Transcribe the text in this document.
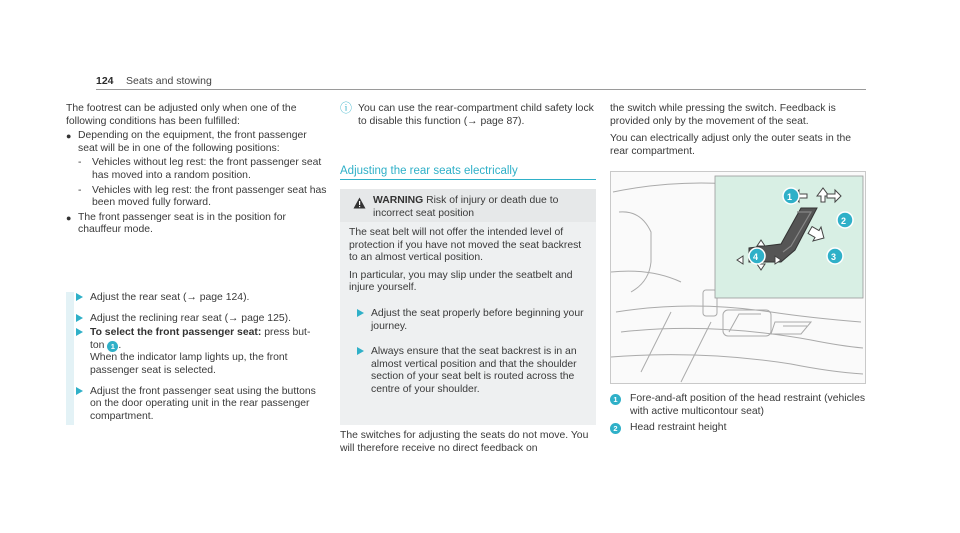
124 Seats and stowing

The footrest can be adjusted only when one of the following conditions has been fulfilled:

● Depending on the equipment, the front passenger seat will be in one of the following positions:

- Vehicles without leg rest: the front passenger seat has moved into a random position.

- Vehicles with leg rest: the front passenger seat has been moved fully forward.

● The front passenger seat is in the position for chauffeur mode.

Adjust the rear seat (→ page 124).

Adjust the reclining rear seat (→ page 125).

To select the front passenger seat: press but-

ton 1 .

When the indicator lamp lights up, the front passenger seat is selected.

Adjust the front passenger seat using the buttons on the door operating unit in the rear passenger compartment.

ⓘ You can use the rear-compartment child safety lock to disable this function (→ page 87).

Adjusting the rear seats electrically
WARNING Risk of injury or death due to incorrect seat position

The seat belt will not offer the intended level of protection if you have not moved the seat backrest to an almost vertical position.

In particular, you may slip under the seatbelt and injure yourself.

Adjust the seat properly before beginning your journey.

Always ensure that the seat backrest is in an almost vertical position and that the shoulder section of your seat belt is routed across the centre of your shoulder.

The switches for adjusting the seats do not move. You will therefore receive no direct feedback on

the switch while pressing the switch. Feedback is provided only by the movement of the seat.

You can electrically adjust only the outer seats in the rear compartment.

1
2
3
4
1	Fore-and-aft position of the head restraint (vehicles with active multicontour seat)

2	Head restraint height
